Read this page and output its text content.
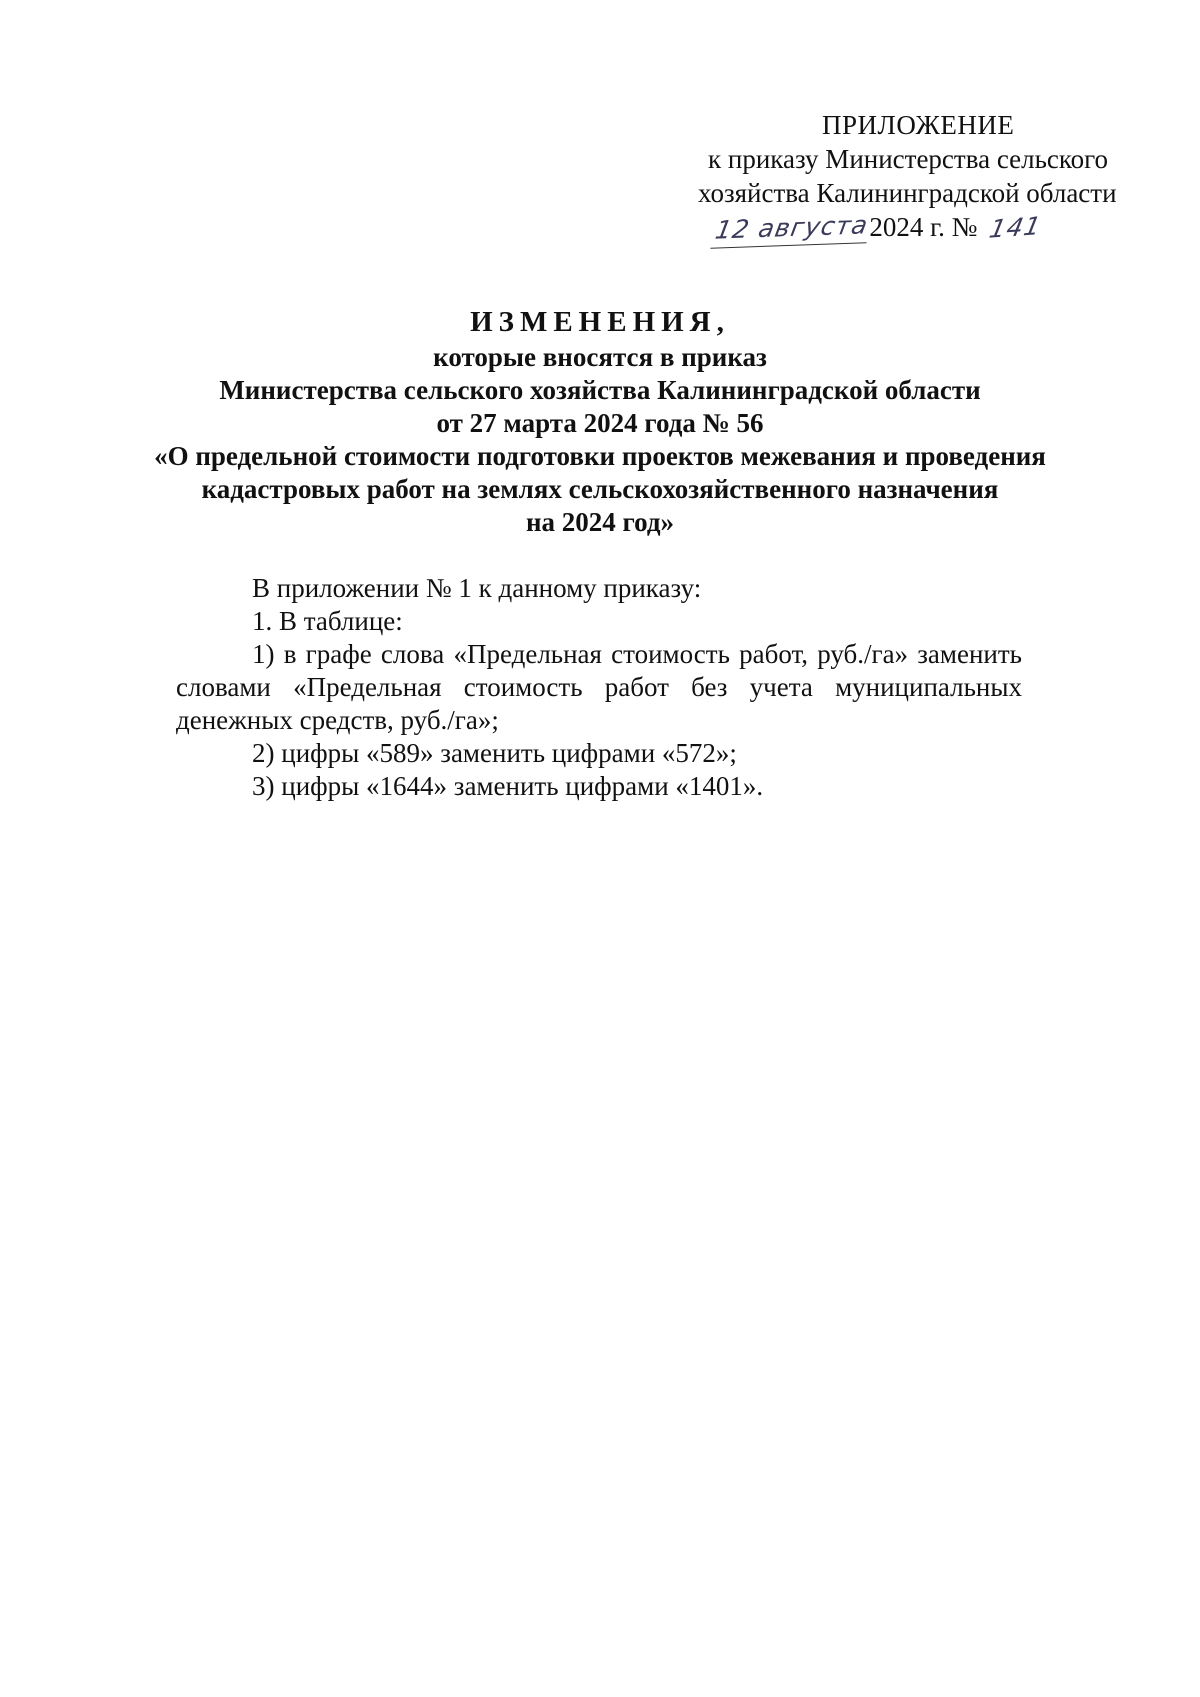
ПРИЛОЖЕНИЕ
к приказу Министерства сельского
хозяйства Калининградской области
12 августа2024 г. № 141
ИЗМЕНЕНИЯ,
которые вносятся в приказ
Министерства сельского хозяйства Калининградской области
от 27 марта 2024 года № 56
«О предельной стоимости подготовки проектов межевания и проведения
кадастровых работ на землях сельскохозяйственного назначения
на 2024 год»

В приложении № 1 к данному приказу:

1. В таблице:

1) в графе слова «Предельная стоимость работ, руб./га» заменить словами «Предельная стоимость работ без учета муниципальных денежных средств, руб./га»;

2) цифры «589» заменить цифрами «572»;

3) цифры «1644» заменить цифрами «1401».
